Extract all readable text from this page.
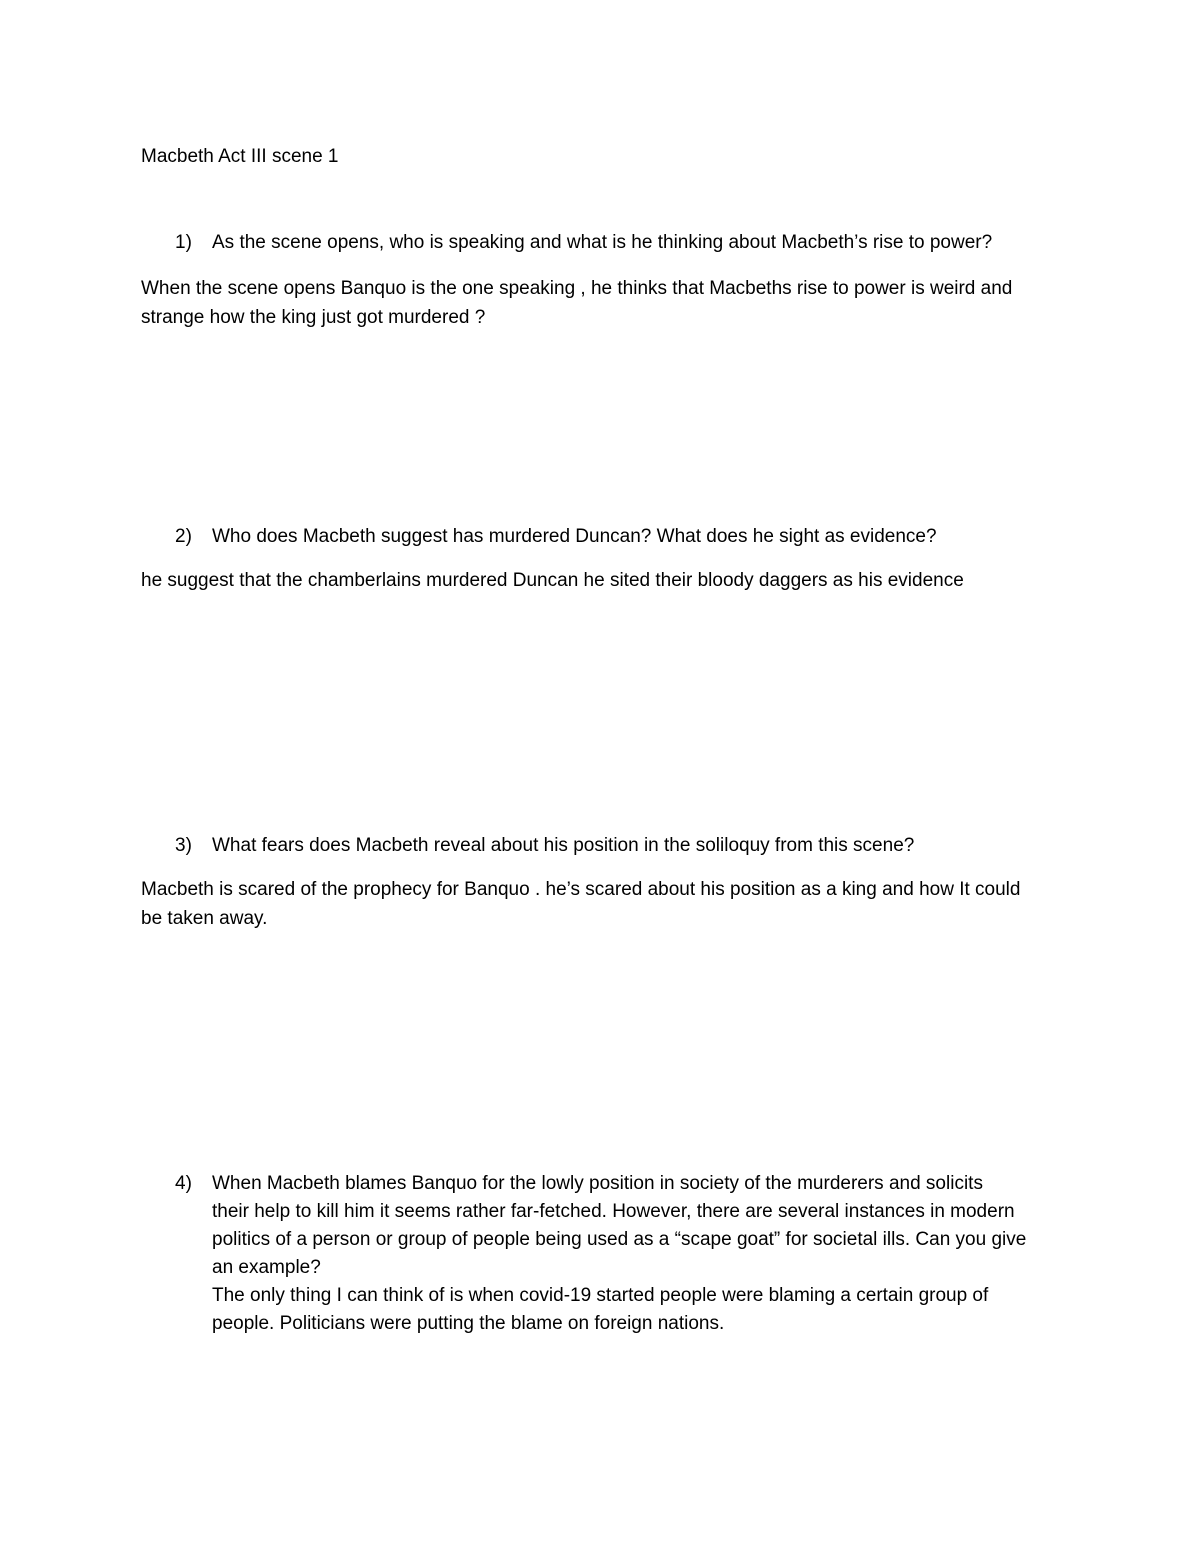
Macbeth Act III scene 1
1) As the scene opens, who is speaking and what is he thinking about Macbeth’s rise to power?
When the scene opens Banquo is the one speaking , he thinks that Macbeths rise to power is weird and
strange how the king just got murdered ?
2) Who does Macbeth suggest has murdered Duncan? What does he sight as evidence?
he suggest that the chamberlains murdered Duncan he sited their bloody daggers as his evidence
3) What fears does Macbeth reveal about his position in the soliloquy from this scene?
Macbeth is scared of the prophecy for Banquo . he’s scared about his position as a king and how It could
be taken away.
4) When Macbeth blames Banquo for the lowly position in society of the murderers and solicits
their help to kill him it seems rather far-fetched. However, there are several instances in modern
politics of a person or group of people being used as a “scape goat” for societal ills. Can you give
an example?
The only thing I can think of is when covid-19 started people were blaming a certain group of
people. Politicians were putting the blame on foreign nations.
